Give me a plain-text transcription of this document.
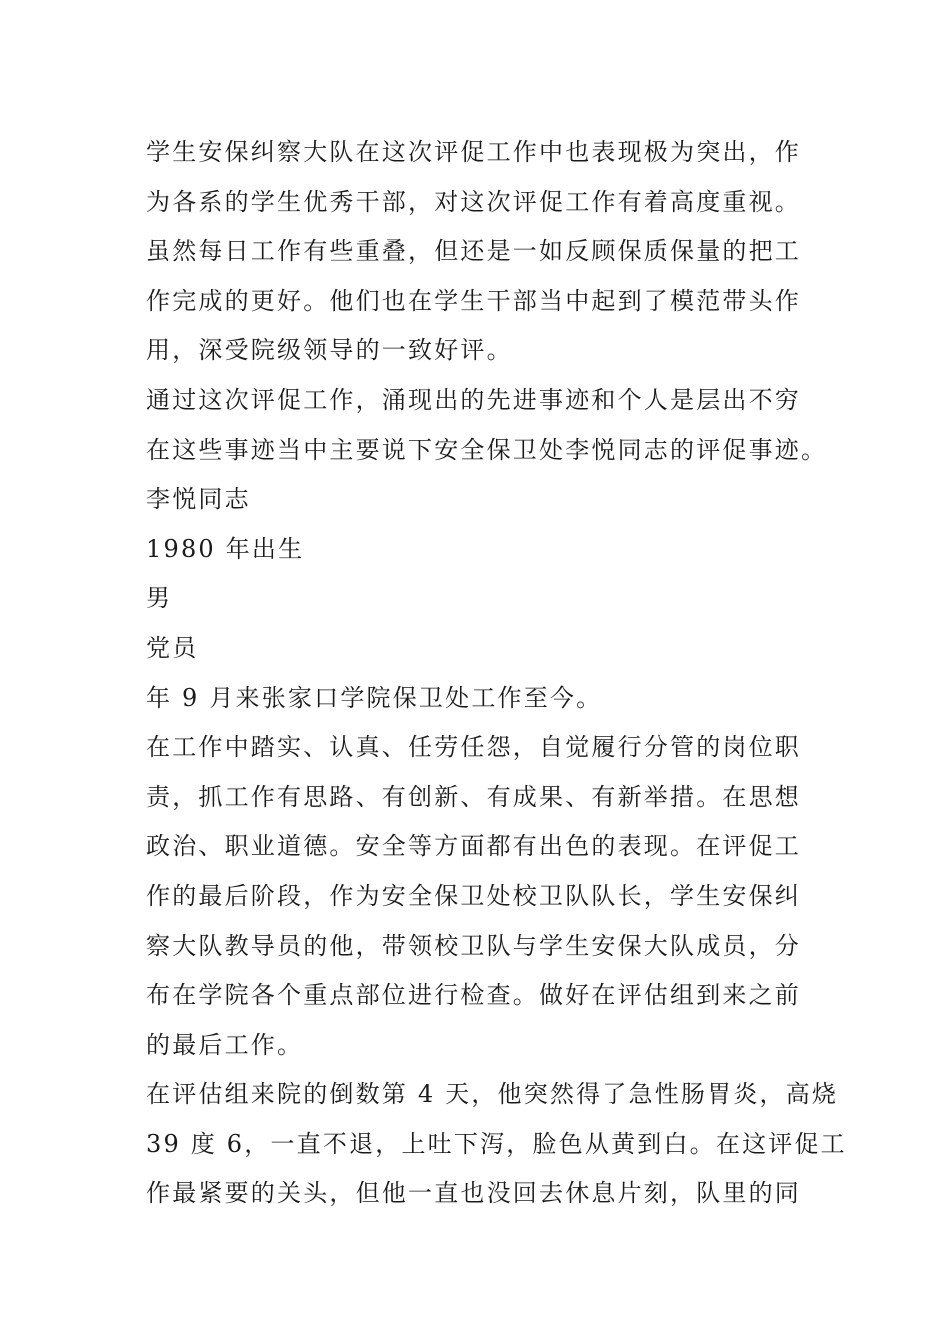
学生安保纠察大队在这次评促工作中也表现极为突出，作
为各系的学生优秀干部，对这次评促工作有着高度重视。
虽然每日工作有些重叠，但还是一如反顾保质保量的把工
作完成的更好。他们也在学生干部当中起到了模范带头作
用，深受院级领导的一致好评。
通过这次评促工作，涌现出的先进事迹和个人是层出不穷
在这些事迹当中主要说下安全保卫处李悦同志的评促事迹。
李悦同志
1980 年出生
男
党员
年 9 月来张家口学院保卫处工作至今。
在工作中踏实、认真、任劳任怨，自觉履行分管的岗位职
责，抓工作有思路、有创新、有成果、有新举措。在思想
政治、职业道德。安全等方面都有出色的表现。在评促工
作的最后阶段，作为安全保卫处校卫队队长，学生安保纠
察大队教导员的他，带领校卫队与学生安保大队成员，分
布在学院各个重点部位进行检查。做好在评估组到来之前
的最后工作。
在评估组来院的倒数第 4 天，他突然得了急性肠胃炎，高烧
39 度 6，一直不退，上吐下泻，脸色从黄到白。在这评促工
作最紧要的关头，但他一直也没回去休息片刻，队里的同
